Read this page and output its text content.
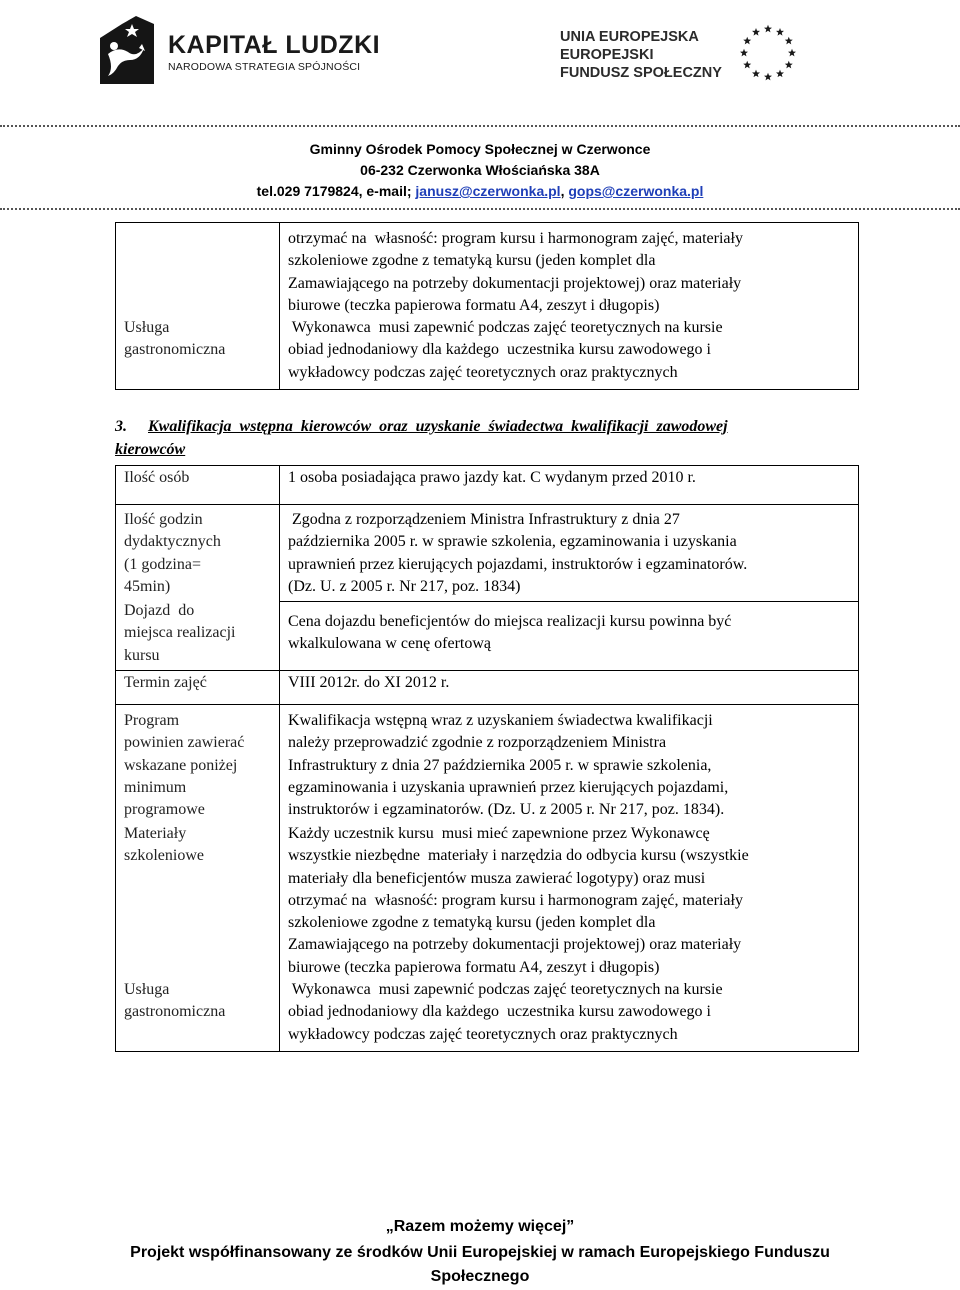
KAPITAŁ LUDZKI
NARODOWA STRATEGIA SPÓJNOŚCI
UNIA EUROPEJSKA
EUROPEJSKI
FUNDUSZ SPOŁECZNY
Gminny Ośrodek Pomocy Społecznej w Czerwonce
06-232 Czerwonka Włościańska 38A
tel.029 7179824, e-mail; janusz@czerwonka.pl, gops@czerwonka.pl
Usługa
gastronomiczna
otrzymać na  własność: program kursu i harmonogram zajęć, materiały
szkoleniowe zgodne z tematyką kursu (jeden komplet dla
Zamawiającego na potrzeby dokumentacji projektowej) oraz materiały
biurowe (teczka papierowa formatu A4, zeszyt i długopis)
Wykonawca  musi zapewnić podczas zajęć teoretycznych na kursie
obiad jednodaniowy dla każdego  uczestnika kursu zawodowego i
wykładowcy podczas zajęć teoretycznych oraz praktycznych
3. Kwalifikacja  wstępna  kierowców  oraz  uzyskanie  świadectwa  kwalifikacji  zawodowej
kierowców
Ilość osób	1 osoba posiadająca prawo jazdy kat. C wydanym przed 2010 r.
Ilość godzin
dydaktycznych
(1 godzina=
45min)
Zgodna z rozporządzeniem Ministra Infrastruktury z dnia 27
października 2005 r. w sprawie szkolenia, egzaminowania i uzyskania
uprawnień przez kierujących pojazdami, instruktorów i egzaminatorów.
(Dz. U. z 2005 r. Nr 217, poz. 1834)
Dojazd  do
miejsca realizacji
kursu
Cena dojazdu beneficjentów do miejsca realizacji kursu powinna być
wkalkulowana w cenę ofertową
Termin zajęć	VIII 2012r. do XI 2012 r.
Program
powinien zawierać
wskazane poniżej
minimum
programowe
Kwalifikacja wstępną wraz z uzyskaniem świadectwa kwalifikacji
należy przeprowadzić zgodnie z rozporządzeniem Ministra
Infrastruktury z dnia 27 października 2005 r. w sprawie szkolenia,
egzaminowania i uzyskania uprawnień przez kierujących pojazdami,
instruktorów i egzaminatorów. (Dz. U. z 2005 r. Nr 217, poz. 1834).
Materiały
szkoleniowe
Każdy uczestnik kursu  musi mieć zapewnione przez Wykonawcę
wszystkie niezbędne  materiały i narzędzia do odbycia kursu (wszystkie
materiały dla beneficjentów musza zawierać logotypy) oraz musi
otrzymać na  własność: program kursu i harmonogram zajęć, materiały
szkoleniowe zgodne z tematyką kursu (jeden komplet dla
Zamawiającego na potrzeby dokumentacji projektowej) oraz materiały
biurowe (teczka papierowa formatu A4, zeszyt i długopis)
Usługa
gastronomiczna
Wykonawca  musi zapewnić podczas zajęć teoretycznych na kursie
obiad jednodaniowy dla każdego  uczestnika kursu zawodowego i
wykładowcy podczas zajęć teoretycznych oraz praktycznych
„Razem możemy więcej”
Projekt współfinansowany ze środków Unii Europejskiej w ramach Europejskiego Funduszu
Społecznego
